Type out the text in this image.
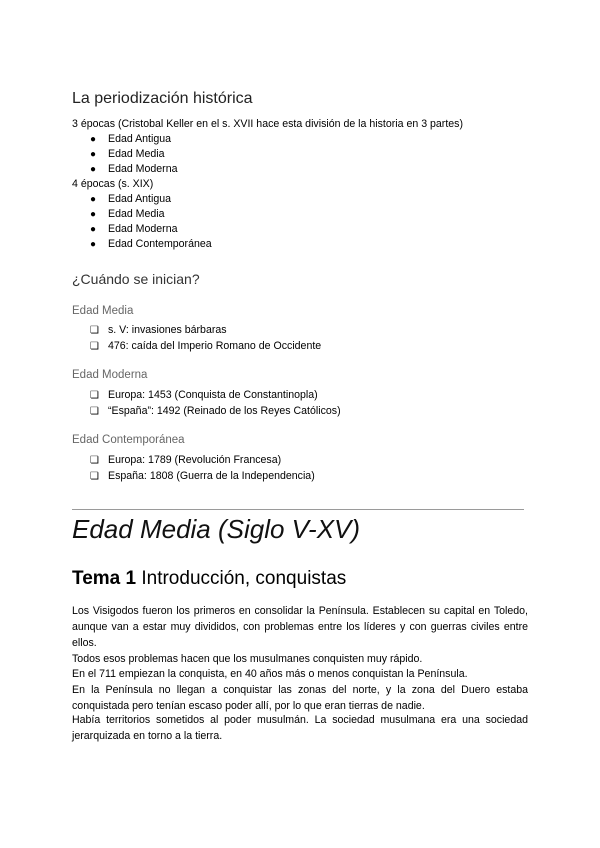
La periodización histórica
3 épocas (Cristobal Keller en el s. XVII hace esta división de la historia en 3 partes)
● Edad Antigua
● Edad Media
● Edad Moderna
4 épocas (s. XIX)
● Edad Antigua
● Edad Media
● Edad Moderna
● Edad Contemporánea
¿Cuándo se inician?
Edad Media
❏ s. V: invasiones bárbaras
❏ 476: caída del Imperio Romano de Occidente
Edad Moderna
❏ Europa: 1453 (Conquista de Constantinopla)
❏ “España”: 1492 (Reinado de los Reyes Católicos)
Edad Contemporánea
❏ Europa: 1789 (Revolución Francesa)
❏ España: 1808 (Guerra de la Independencia)
Edad Media (Siglo V-XV)
Tema 1 Introducción, conquistas
Los Visigodos fueron los primeros en consolidar la Península. Establecen su capital en Toledo, aunque van a estar muy divididos, con problemas entre los líderes y con guerras civiles entre ellos.
Todos esos problemas hacen que los musulmanes conquisten muy rápido.
En el 711 empiezan la conquista, en 40 años más o menos conquistan la Península.
En la Península no llegan a conquistar las zonas del norte, y la zona del Duero estaba conquistada pero tenían escaso poder allí, por lo que eran tierras de nadie.
Había territorios sometidos al poder musulmán. La sociedad musulmana era una sociedad jerarquizada en torno a la tierra.
